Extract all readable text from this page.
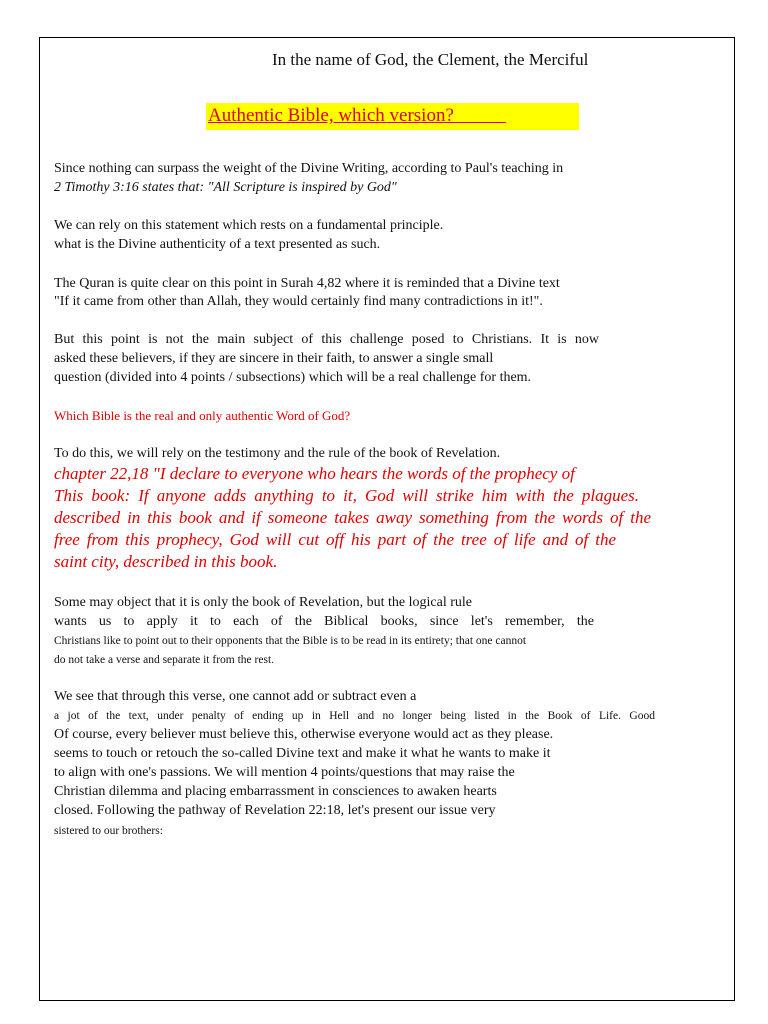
In the name of God, the Clement, the Merciful
Authentic Bible, which version?
Since nothing can surpass the weight of the Divine Writing, according to Paul's teaching in
2 Timothy 3:16 states that: "All Scripture is inspired by God"
We can rely on this statement which rests on a fundamental principle.
what is the Divine authenticity of a text presented as such.
The Quran is quite clear on this point in Surah 4,82 where it is reminded that a Divine text
"If it came from other than Allah, they would certainly find many contradictions in it!".
But this point is not the main subject of this challenge posed to Christians. It is now
asked these believers, if they are sincere in their faith, to answer a single small
question (divided into 4 points / subsections) which will be a real challenge for them.
Which Bible is the real and only authentic Word of God?
To do this, we will rely on the testimony and the rule of the book of Revelation.
chapter 22,18 "I declare to everyone who hears the words of the prophecy of
This book: If anyone adds anything to it, God will strike him with the plagues.
described in this book and if someone takes away something from the words of the
free from this prophecy, God will cut off his part of the tree of life and of the
saint city, described in this book.
Some may object that it is only the book of Revelation, but the logical rule
wants us to apply it to each of the Biblical books, since let's remember, the
Christians like to point out to their opponents that the Bible is to be read in its entirety; that one cannot
do not take a verse and separate it from the rest.
We see that through this verse, one cannot add or subtract even a
a jot of the text, under penalty of ending up in Hell and no longer being listed in the Book of Life. Good
Of course, every believer must believe this, otherwise everyone would act as they please.
seems to touch or retouch the so-called Divine text and make it what he wants to make it
to align with one's passions. We will mention 4 points/questions that may raise the
Christian dilemma and placing embarrassment in consciences to awaken hearts
closed. Following the pathway of Revelation 22:18, let's present our issue very
sistered to our brothers:
